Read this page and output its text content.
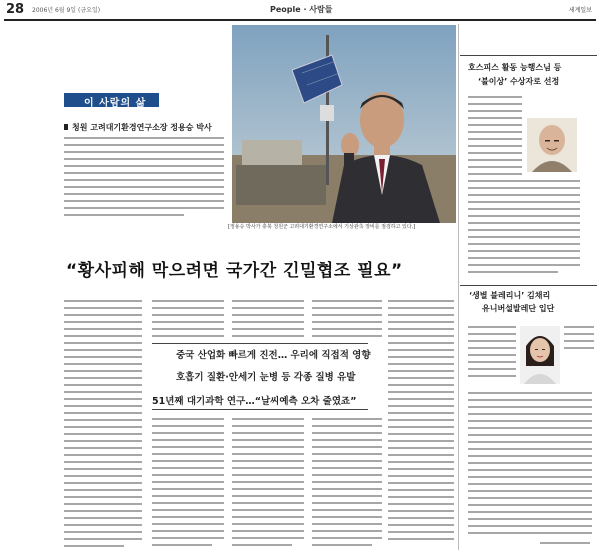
28 2006년 6월 9일 (금요일)	People · 사람들	세계일보
이 사람의 삶
청원 고려대기환경연구소장 정용승 박사
[정용승 박사가 충북 청원군 고려대기환경연구소에서 기상관측 장비를 점검하고 있다.]
“황사피해 막으려면 국가간 긴밀협조 필요”
중국 산업화 빠르게 진전… 우리에 직접적 영향
호흡기 질환·안세기 눈병 등 각종 질병 유발
51년째 대기과학 연구…“날씨예측 오차 줄였죠”
호스피스 활동 능행스님 등
‘불이상’ 수상자로 선정
‘생별 블레리니’ 김채리
유니버설발레단 입단
